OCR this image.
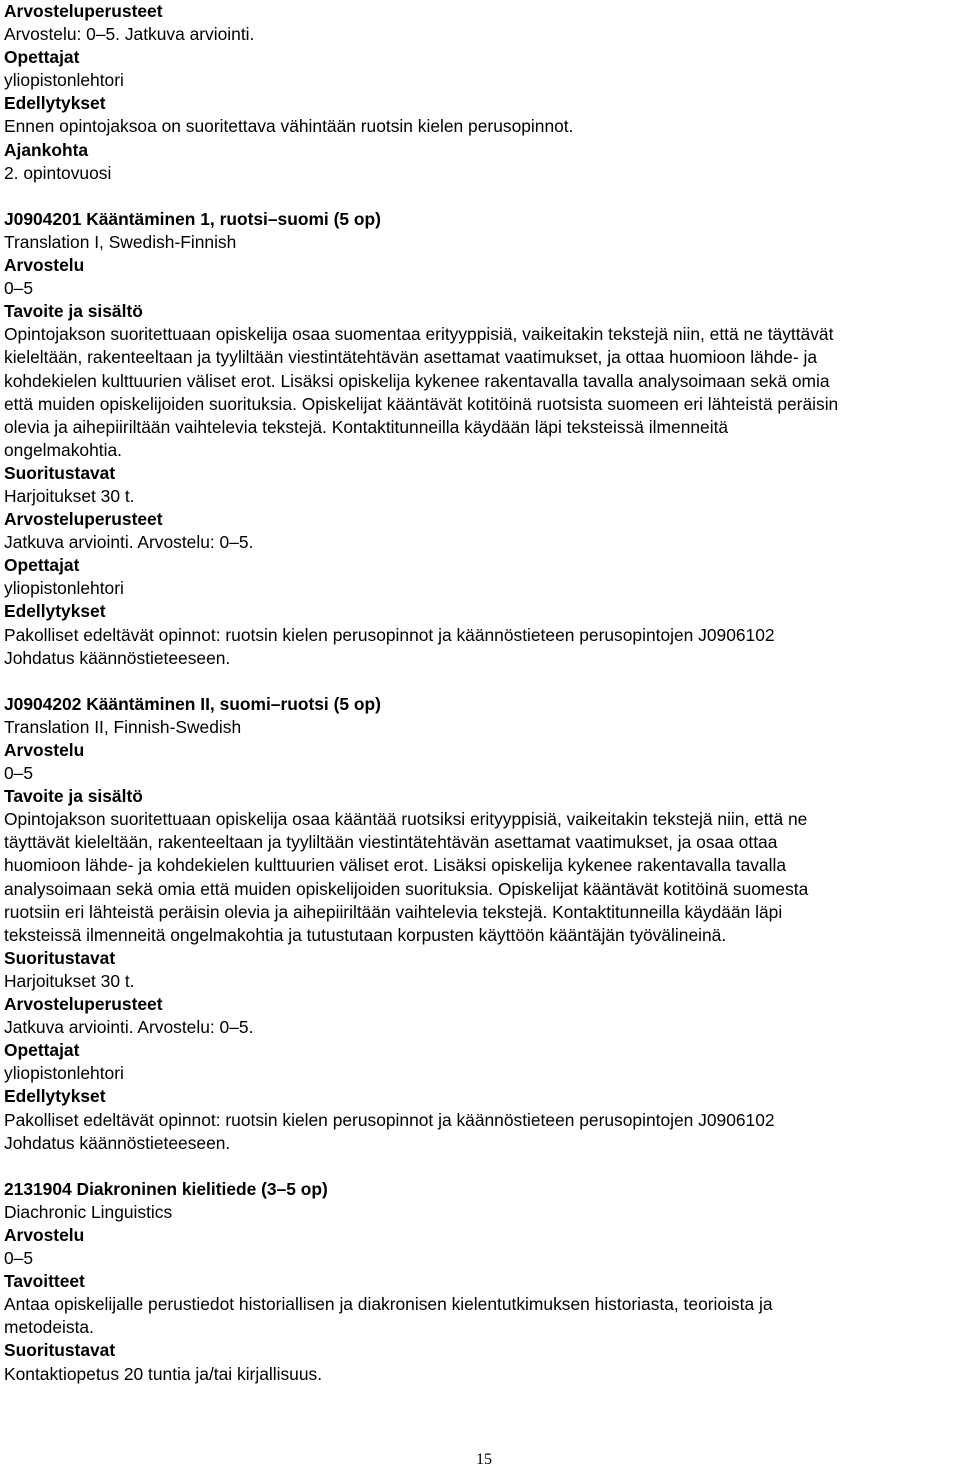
Arvosteluperusteet
Arvostelu: 0–5. Jatkuva arviointi.
Opettajat
yliopistonlehtori
Edellytykset
Ennen opintojaksoa on suoritettava vähintään ruotsin kielen perusopinnot.
Ajankohta
2. opintovuosi
J0904201 Kääntäminen 1, ruotsi–suomi (5 op)
Translation I, Swedish-Finnish
Arvostelu
0–5
Tavoite ja sisältö
Opintojakson suoritettuaan opiskelija osaa suomentaa erityyppisiä, vaikeitakin tekstejä niin, että ne täyttävät
kieleltään, rakenteeltaan ja tyyliltään viestintätehtävän asettamat vaatimukset, ja ottaa huomioon lähde- ja
kohdekielen kulttuurien väliset erot. Lisäksi opiskelija kykenee rakentavalla tavalla analysoimaan sekä omia
että muiden opiskelijoiden suorituksia. Opiskelijat kääntävät kotitöinä ruotsista suomeen eri lähteistä peräisin
olevia ja aihepiiriltään vaihtelevia tekstejä. Kontaktitunneilla käydään läpi teksteissä ilmenneitä
ongelmakohtia.
Suoritustavat
Harjoitukset 30 t.
Arvosteluperusteet
Jatkuva arviointi. Arvostelu: 0–5.
Opettajat
yliopistonlehtori
Edellytykset
Pakolliset edeltävät opinnot: ruotsin kielen perusopinnot ja käännöstieteen perusopintojen J0906102
Johdatus käännöstieteeseen.
J0904202 Kääntäminen II, suomi–ruotsi (5 op)
Translation II, Finnish-Swedish
Arvostelu
0–5
Tavoite ja sisältö
Opintojakson suoritettuaan opiskelija osaa kääntää ruotsiksi erityyppisiä, vaikeitakin tekstejä niin, että ne
täyttävät kieleltään, rakenteeltaan ja tyyliltään viestintätehtävän asettamat vaatimukset, ja osaa ottaa
huomioon lähde- ja kohdekielen kulttuurien väliset erot. Lisäksi opiskelija kykenee rakentavalla tavalla
analysoimaan sekä omia että muiden opiskelijoiden suorituksia. Opiskelijat kääntävät kotitöinä suomesta
ruotsiin eri lähteistä peräisin olevia ja aihepiiriltään vaihtelevia tekstejä. Kontaktitunneilla käydään läpi
teksteissä ilmenneitä ongelmakohtia ja tutustutaan korpusten käyttöön kääntäjän työvälineinä.
Suoritustavat
Harjoitukset 30 t.
Arvosteluperusteet
Jatkuva arviointi. Arvostelu: 0–5.
Opettajat
yliopistonlehtori
Edellytykset
Pakolliset edeltävät opinnot: ruotsin kielen perusopinnot ja käännöstieteen perusopintojen J0906102
Johdatus käännöstieteeseen.
2131904 Diakroninen kielitiede (3–5 op)
Diachronic Linguistics
Arvostelu
0–5
Tavoitteet
Antaa opiskelijalle perustiedot historiallisen ja diakronisen kielentutkimuksen historiasta, teorioista ja
metodeista.
Suoritustavat
Kontaktiopetus 20 tuntia ja/tai kirjallisuus.
15
